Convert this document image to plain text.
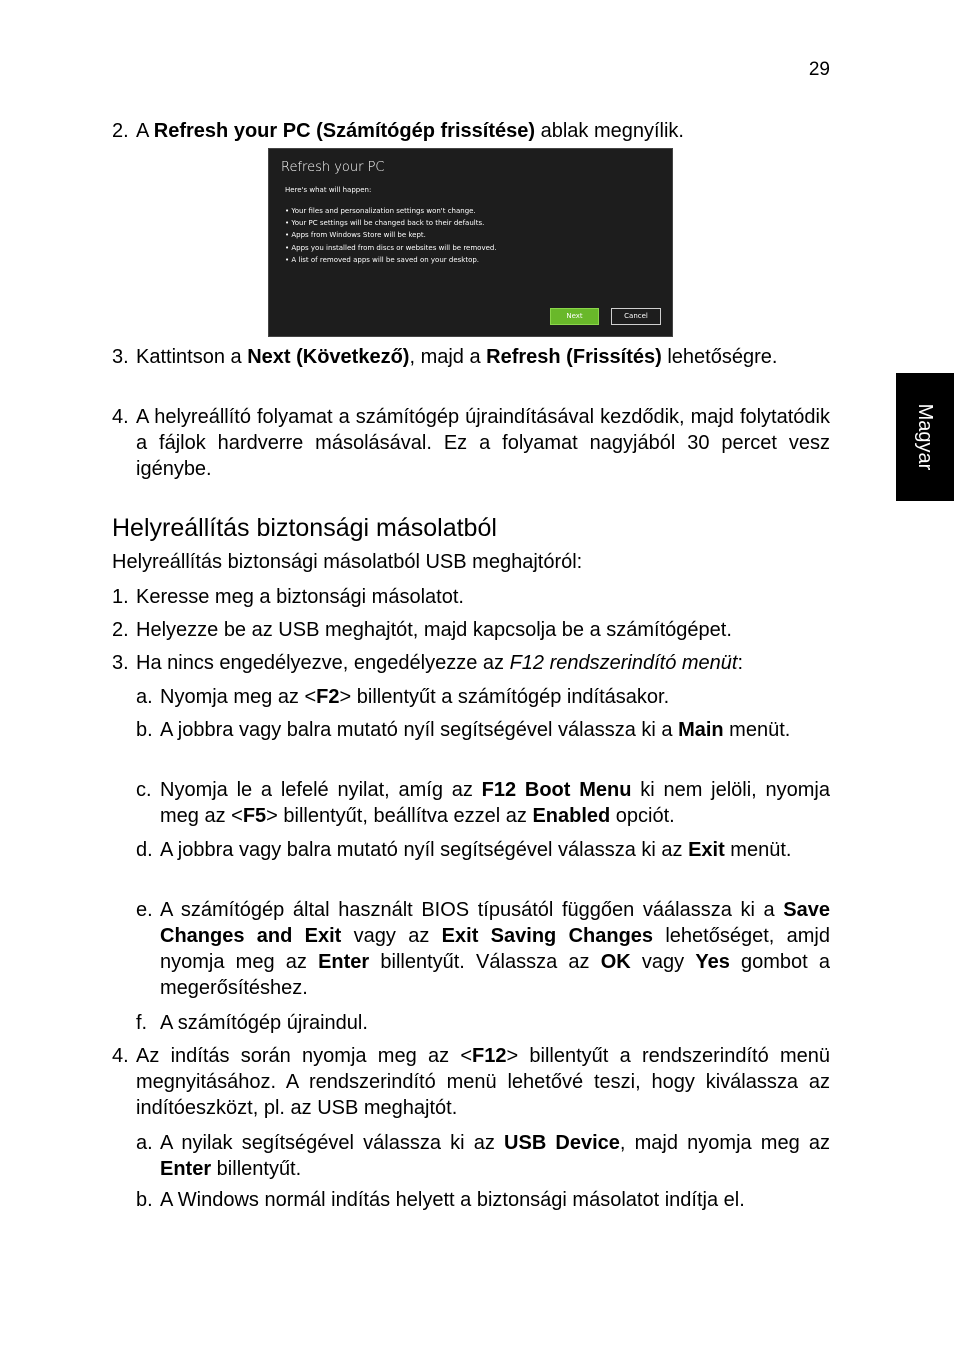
29
Magyar
2. A Refresh your PC (Számítógép frissítése) ablak megnyílik.
Refresh your PC
Here's what will happen:
• Your files and personalization settings won't change.
• Your PC settings will be changed back to their defaults.
• Apps from Windows Store will be kept.
• Apps you installed from discs or websites will be removed.
• A list of removed apps will be saved on your desktop.
Next	Cancel
3. Kattintson a Next (Következő), majd a Refresh (Frissítés) lehetőségre.
4. A helyreállító folyamat a számítógép újraindításával kezdődik, majd folytatódik a fájlok hardverre másolásával. Ez a folyamat nagyjából 30 percet vesz igénybe.
Helyreállítás biztonsági másolatból
Helyreállítás biztonsági másolatból USB meghajtóról:
1. Keresse meg a biztonsági másolatot.
2. Helyezze be az USB meghajtót, majd kapcsolja be a számítógépet.
3. Ha nincs engedélyezve, engedélyezze az F12 rendszerindító menüt:
a. Nyomja meg az <F2> billentyűt a számítógép indításakor.
b. A jobbra vagy balra mutató nyíl segítségével válassza ki a Main menüt.
c. Nyomja le a lefelé nyilat, amíg az F12 Boot Menu ki nem jelöli, nyomja meg az <F5> billentyűt, beállítva ezzel az Enabled opciót.
d. A jobbra vagy balra mutató nyíl segítségével válassza ki az Exit menüt.
e. A számítógép által használt BIOS típusától függően váálassza ki a Save Changes and Exit vagy az Exit Saving Changes lehetőséget, amjd nyomja meg az Enter billentyűt. Válassza az OK vagy Yes gombot a megerősítéshez.
f. A számítógép újraindul.
4. Az indítás során nyomja meg az <F12> billentyűt a rendszerindító menü megnyitásához. A rendszerindító menü lehetővé teszi, hogy kiválassza az indítóeszközt, pl. az USB meghajtót.
a. A nyilak segítségével válassza ki az USB Device, majd nyomja meg az Enter billentyűt.
b. A Windows normál indítás helyett a biztonsági másolatot indítja el.
